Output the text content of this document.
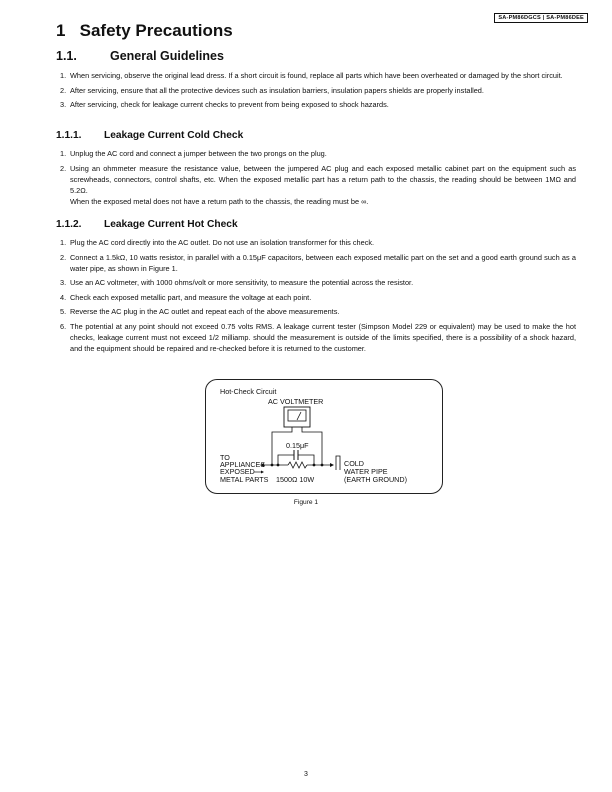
SA-PM86DGCS | SA-PM86DEE
1 Safety Precautions
1.1.	General Guidelines
1. When servicing, observe the original lead dress. If a short circuit is found, replace all parts which have been overheated or damaged by the short circuit.
2. After servicing, ensure that all the protective devices such as insulation barriers, insulation papers shields are properly installed.
3. After servicing, check for leakage current checks to prevent from being exposed to shock hazards.
1.1.1. Leakage Current Cold Check
1. Unplug the AC cord and connect a jumper between the two prongs on the plug.
2. Using an ohmmeter measure the resistance value, between the jumpered AC plug and each exposed metallic cabinet part on the equipment such as screwheads, connectors, control shafts, etc. When the exposed metallic part has a return path to the chassis, the reading should be between 1MΩ and 5.2Ω.
When the exposed metal does not have a return path to the chassis, the reading must be ∞.
1.1.2. Leakage Current Hot Check
1. Plug the AC cord directly into the AC outlet. Do not use an isolation transformer for this check.
2. Connect a 1.5kΩ, 10 watts resistor, in parallel with a 0.15μF capacitors, between each exposed metallic part on the set and a good earth ground such as a water pipe, as shown in Figure 1.
3. Use an AC voltmeter, with 1000 ohms/volt or more sensitivity, to measure the potential across the resistor.
4. Check each exposed metallic part, and measure the voltage at each point.
5. Reverse the AC plug in the AC outlet and repeat each of the above measurements.
6. The potential at any point should not exceed 0.75 volts RMS. A leakage current tester (Simpson Model 229 or equivalent) may be used to make the hot checks, leakage current must not exceed 1/2 milliamp. should the measurement is outside of the limits specified, there is a possibility of a shock hazard, and the equipment should be repaired and re-checked before it is returned to the customer.
Hot-Check Circuit
AC VOLTMETER
0.15μF
TO
APPLIANCES
EXPOSED
METAL PARTS 1500Ω 10W
COLD
WATER PIPE
(EARTH GROUND)
Figure 1
3
